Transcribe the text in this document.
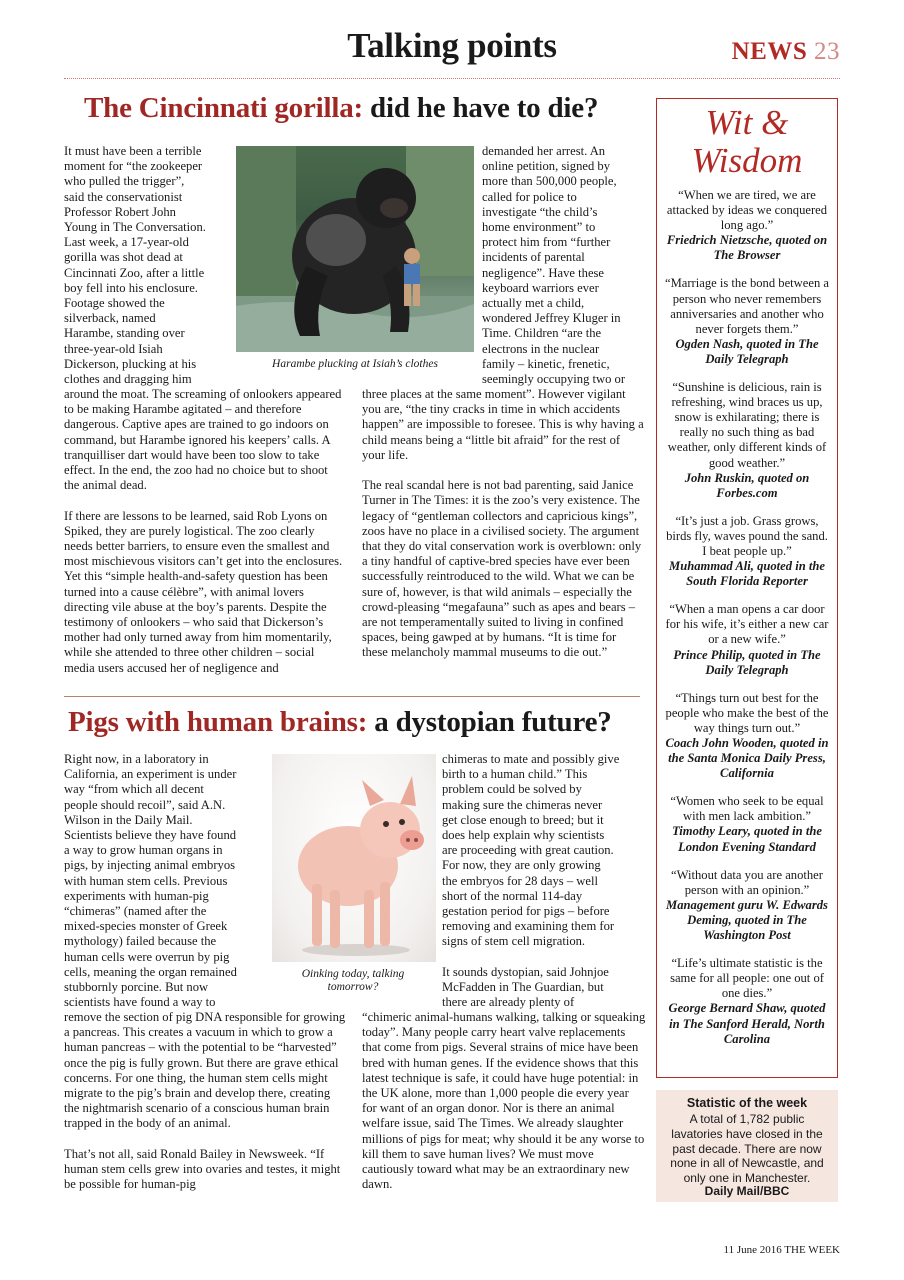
Talking points	NEWS 23
The Cincinnati gorilla: did he have to die?
Harambe plucking at Isiah’s clothes
It must have been a terrible
moment for “the zookeeper
who pulled the trigger”,
said the conservationist
Professor Robert John
Young in The Conversation.
Last week, a 17-year-old
gorilla was shot dead at
Cincinnati Zoo, after a little
boy fell into his enclosure.
Footage showed the
silverback, named
Harambe, standing over
three-year-old Isiah
Dickerson, plucking at his
clothes and dragging him

around the moat. The screaming of onlookers appeared to be making Harambe agitated – and therefore dangerous. Captive apes are trained to go indoors on command, but Harambe ignored his keepers’ calls. A tranquilliser dart would have been too slow to take effect. In the end, the zoo had no choice but to shoot the animal dead.

If there are lessons to be learned, said Rob Lyons on Spiked, they are purely logistical. The zoo clearly needs better barriers, to ensure even the smallest and most mischievous visitors can’t get into the enclosures. Yet this “simple health-and-safety question has been turned into a cause célèbre”, with animal lovers directing vile abuse at the boy’s parents. Despite the testimony of onlookers – who said that Dickerson’s mother had only turned away from him momentarily, while she attended to three other children – social media users accused her of negligence and

demanded her arrest. An
online petition, signed by
more than 500,000 people,
called for police to
investigate “the child’s
home environment” to
protect him from “further
incidents of parental
negligence”. Have these
keyboard warriors ever
actually met a child,
wondered Jeffrey Kluger in
Time. Children “are the
electrons in the nuclear
family – kinetic, frenetic,
seemingly occupying two or

three places at the same moment”. However vigilant you are, “the tiny cracks in time in which accidents happen” are impossible to foresee. This is why having a child means being a “little bit afraid” for the rest of your life.

The real scandal here is not bad parenting, said Janice Turner in The Times: it is the zoo’s very existence. The legacy of “gentleman collectors and capricious kings”, zoos have no place in a civilised society. The argument that they do vital conservation work is overblown: only a tiny handful of captive-bred species have ever been successfully reintroduced to the wild. What we can be sure of, however, is that wild animals – especially the crowd-pleasing “megafauna” such as apes and bears – are not temperamentally suited to living in confined spaces, being gawped at by humans. “It is time for these melancholy mammal museums to die out.”

Pigs with human brains: a dystopian future?
Oinking today, talking tomorrow?
Right now, in a laboratory in
California, an experiment is under
way “from which all decent
people should recoil”, said A.N.
Wilson in the Daily Mail.
Scientists believe they have found
a way to grow human organs in
pigs, by injecting animal embryos
with human stem cells. Previous
experiments with human-pig
“chimeras” (named after the
mixed-species monster of Greek
mythology) failed because the
human cells were overrun by pig
cells, meaning the organ remained
stubbornly porcine. But now
scientists have found a way to

remove the section of pig DNA responsible for growing a pancreas. This creates a vacuum in which to grow a human pancreas – with the potential to be “harvested” once the pig is fully grown. But there are grave ethical concerns. For one thing, the human stem cells might migrate to the pig’s brain and develop there, creating the nightmarish scenario of a conscious human brain trapped in the body of an animal.

That’s not all, said Ronald Bailey in Newsweek. “If human stem cells grew into ovaries and testes, it might be possible for human-pig

chimeras to mate and possibly give
birth to a human child.” This
problem could be solved by
making sure the chimeras never
get close enough to breed; but it
does help explain why scientists
are proceeding with great caution.
For now, they are only growing
the embryos for 28 days – well
short of the normal 114-day
gestation period for pigs – before
removing and examining them for
signs of stem cell migration.
It sounds dystopian, said Johnjoe
McFadden in The Guardian, but
there are already plenty of

“chimeric animal-humans walking, talking or squeaking today”. Many people carry heart valve replacements that come from pigs. Several strains of mice have been bred with human genes. If the evidence shows that this latest technique is safe, it could have huge potential: in the UK alone, more than 1,000 people die every year for want of an organ donor. Nor is there an animal welfare issue, said The Times. We already slaughter millions of pigs for meat; why should it be any worse to kill them to save human lives? We must move cautiously toward what may be an extraordinary new dawn.

Wit & Wisdom
“When we are tired, we are attacked by ideas we conquered long ago.”
Friedrich Nietzsche, quoted on The Browser
“Marriage is the bond between a person who never remembers anniversaries and another who never forgets them.”
Ogden Nash, quoted in The Daily Telegraph
“Sunshine is delicious, rain is refreshing, wind braces us up, snow is exhilarating; there is really no such thing as bad weather, only different kinds of good weather.”
John Ruskin, quoted on Forbes.com
“It’s just a job. Grass grows, birds fly, waves pound the sand. I beat people up.”
Muhammad Ali, quoted in the South Florida Reporter
“When a man opens a car door for his wife, it’s either a new car or a new wife.”
Prince Philip, quoted in The Daily Telegraph
“Things turn out best for the people who make the best of the way things turn out.”
Coach John Wooden, quoted in the Santa Monica Daily Press, California
“Women who seek to be equal with men lack ambition.”
Timothy Leary, quoted in the London Evening Standard
“Without data you are another person with an opinion.”
Management guru W. Edwards Deming, quoted in The Washington Post
“Life’s ultimate statistic is the same for all people: one out of one dies.”
George Bernard Shaw, quoted in The Sanford Herald, North Carolina
Statistic of the week
A total of 1,782 public lavatories have closed in the past decade. There are now none in all of Newcastle, and only one in Manchester.
Daily Mail/BBC
11 June 2016 THE WEEK
